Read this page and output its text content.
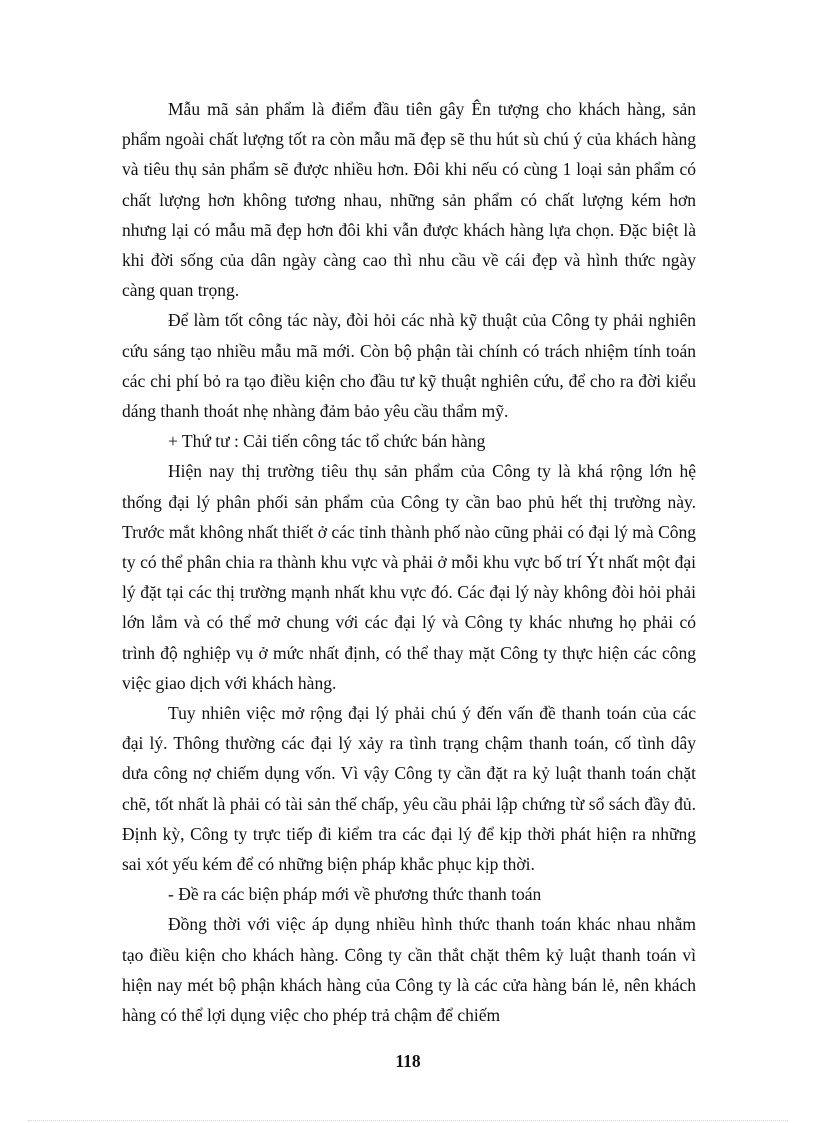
Mẫu mã sản phẩm là điểm đầu tiên gây Ên tượng cho khách hàng, sản phẩm ngoài chất lượng tốt ra còn mẫu mã đẹp sẽ thu hút sù chú ý của khách hàng và tiêu thụ sản phẩm sẽ được nhiều hơn. Đôi khi nếu có cùng 1 loại sản phẩm có chất lượng hơn không tương nhau, những sản phẩm có chất lượng kém hơn nhưng lại có mẫu mã đẹp hơn đôi khi vẫn được khách hàng lựa chọn. Đặc biệt là khi đời sống của dân ngày càng cao thì nhu cầu về cái đẹp và hình thức ngày càng quan trọng.

Để làm tốt công tác này, đòi hỏi các nhà kỹ thuật của Công ty phải nghiên cứu sáng tạo nhiều mẫu mã mới. Còn bộ phận tài chính có trách nhiệm tính toán các chi phí bỏ ra tạo điều kiện cho đầu tư kỹ thuật nghiên cứu, để cho ra đời kiểu dáng thanh thoát nhẹ nhàng đảm bảo yêu cầu thẩm mỹ.

+ Thứ tư : Cải tiến công tác tổ chức bán hàng

Hiện nay thị trường tiêu thụ sản phẩm của Công ty là khá rộng lớn hệ thống đại lý phân phối sản phẩm của Công ty cần bao phủ hết thị trường này. Trước mắt không nhất thiết ở các tỉnh thành phố nào cũng phải có đại lý mà Công ty có thể phân chia ra thành khu vực và phải ở mỗi khu vực bố trí Ýt nhất một đại lý đặt tại các thị trường mạnh nhất khu vực đó. Các đại lý này không đòi hỏi phải lớn lắm và có thể mở chung với các đại lý và Công ty khác nhưng họ phải có trình độ nghiệp vụ ở mức nhất định, có thể thay mặt Công ty thực hiện các công việc giao dịch với khách hàng.

Tuy nhiên việc mở rộng đại lý phải chú ý đến vấn đề thanh toán của các đại lý. Thông thường các đại lý xảy ra tình trạng chậm thanh toán, cố tình dây dưa công nợ chiếm dụng vốn. Vì vậy Công ty cần đặt ra kỷ luật thanh toán chặt chẽ, tốt nhất là phải có tài sản thế chấp, yêu cầu phải lập chứng từ sổ sách đầy đủ. Định kỳ, Công ty trực tiếp đi kiểm tra các đại lý để kịp thời phát hiện ra những sai xót yếu kém để có những biện pháp khắc phục kịp thời.

- Đề ra các biện pháp mới về phương thức thanh toán

Đồng thời với việc áp dụng nhiều hình thức thanh toán khác nhau nhằm tạo điều kiện cho khách hàng. Công ty cần thắt chặt thêm kỷ luật thanh toán vì hiện nay mét bộ phận khách hàng của Công ty là các cửa hàng bán lẻ, nên khách hàng có thể lợi dụng việc cho phép trả chậm để chiếm

118
